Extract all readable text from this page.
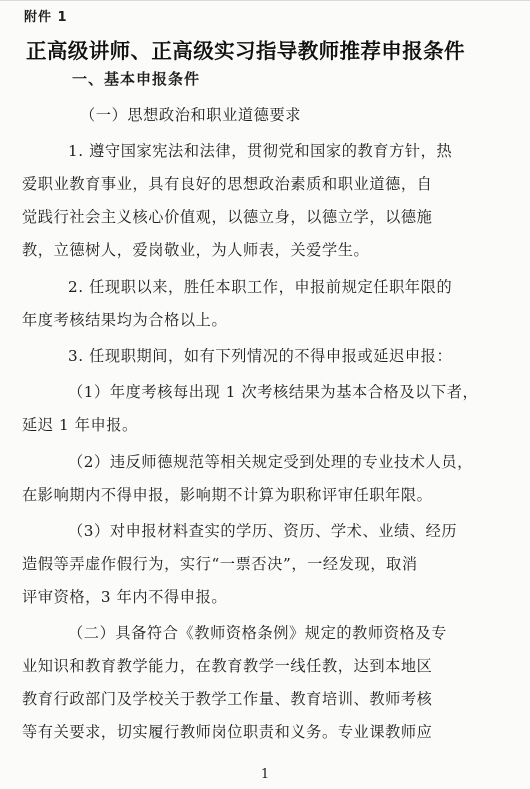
附件 1
正高级讲师、正高级实习指导教师推荐申报条件
一、基本申报条件
（一）思想政治和职业道德要求
1. 遵守国家宪法和法律，贯彻党和国家的教育方针，热
爱职业教育事业，具有良好的思想政治素质和职业道德，自
觉践行社会主义核心价值观，以德立身，以德立学，以德施
教，立德树人，爱岗敬业，为人师表，关爱学生。
2. 任现职以来，胜任本职工作，申报前规定任职年限的
年度考核结果均为合格以上。
3. 任现职期间，如有下列情况的不得申报或延迟申报：
（1）年度考核每出现 1 次考核结果为基本合格及以下者，
延迟 1 年申报。
（2）违反师德规范等相关规定受到处理的专业技术人员，
在影响期内不得申报，影响期不计算为职称评审任职年限。
（3）对申报材料查实的学历、资历、学术、业绩、经历
造假等弄虚作假行为，实行“一票否决”，一经发现，取消
评审资格，3 年内不得申报。
（二）具备符合《教师资格条例》规定的教师资格及专
业知识和教育教学能力，在教育教学一线任教，达到本地区
教育行政部门及学校关于教学工作量、教育培训、教师考核
等有关要求，切实履行教师岗位职责和义务。专业课教师应
1
